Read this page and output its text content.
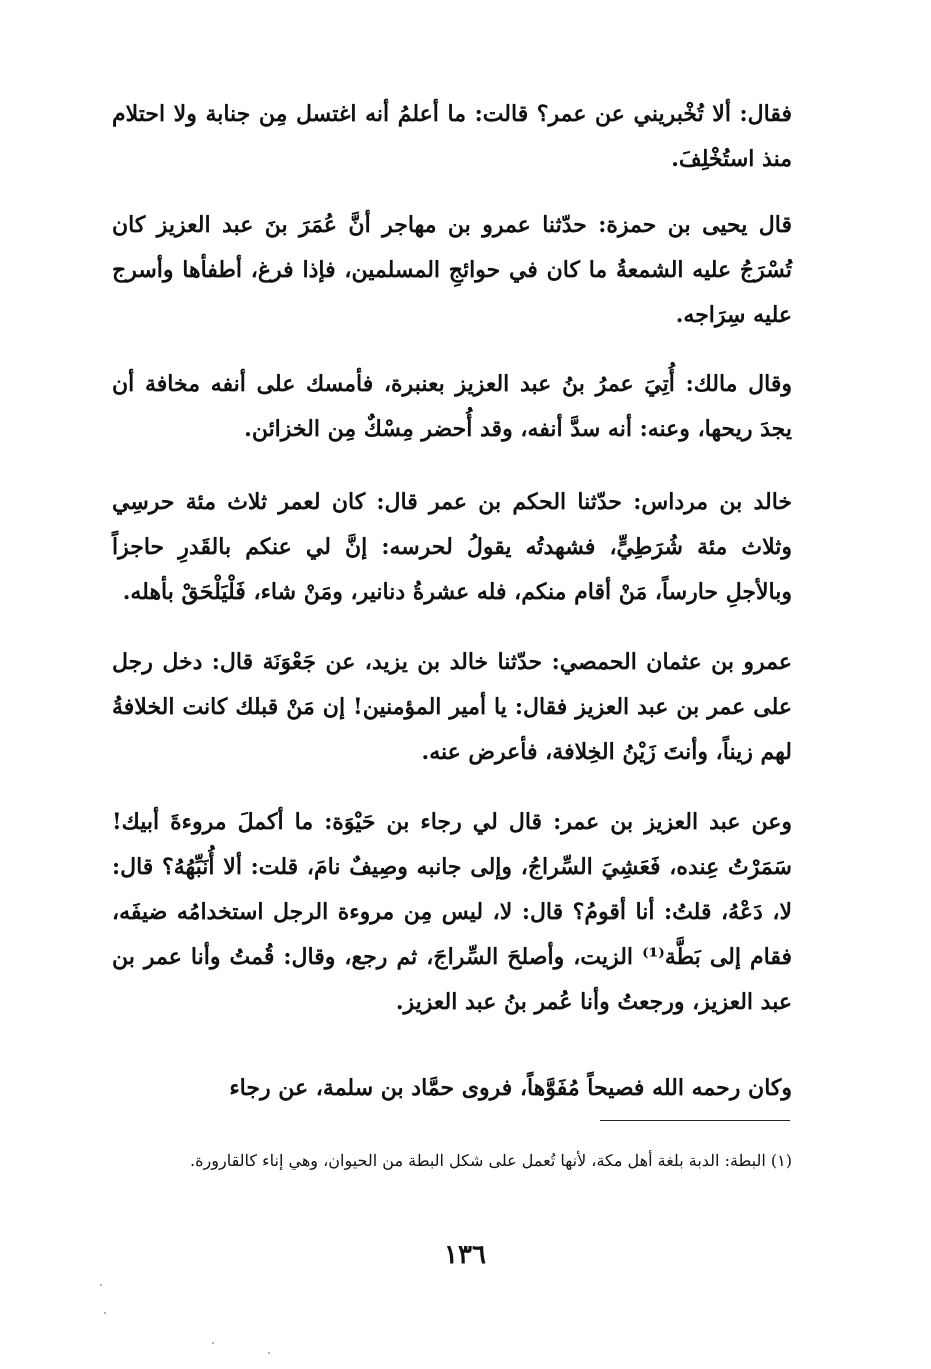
فقال: ألا تُخْبريني عن عمر؟ قالت: ما أعلمُ أنه اغتسل مِن جنابة ولا احتلام منذ استُخْلِفَ.

قال يحيى بن حمزة: حدّثنا عمرو بن مهاجر أنَّ عُمَرَ بنَ عبد العزيز كان تُسْرَجُ عليه الشمعةُ ما كان في حوائجِ المسلمين، فإذا فرغ، أطفأها وأسرج عليه سِرَاجه.

وقال مالك: أُتِيَ عمرُ بنُ عبد العزيز بعنبرة، فأمسك على أنفه مخافة أن يجدَ ريحها، وعنه: أنه سدَّ أنفه، وقد أُحضر مِسْكٌ مِن الخزائن.

خالد بن مرداس: حدّثنا الحكم بن عمر قال: كان لعمر ثلاث مئة حرسِي وثلاث مئة شُرَطِيٍّ، فشهدتُه يقولُ لحرسه: إنَّ لي عنكم بالقَدرِ حاجزاً وبالأجلِ حارساً، مَنْ أقام منكم، فله عشرةُ دنانير، ومَنْ شاء، فَلْيَلْحَقْ بأهله.

عمرو بن عثمان الحمصي: حدّثنا خالد بن يزيد، عن جَعْوَنَة قال: دخل رجل على عمر بن عبد العزيز فقال: يا أمير المؤمنين! إن مَنْ قبلك كانت الخلافةُ لهم زيناً، وأنتَ زَيْنُ الخِلافة، فأعرض عنه.

وعن عبد العزيز بن عمر: قال لي رجاء بن حَيْوَة: ما أكملَ مروءةَ أبيك! سَمَرْتُ عِنده، فَعَشِيَ السِّراجُ، وإلى جانبه وصِيفٌ نامَ، قلت: ألا أُنَبِّهُهُ؟ قال: لا، دَعْهُ، قلتُ: أنا أقومُ؟ قال: لا، ليس مِن مروءة الرجل استخدامُه ضيفَه، فقام إلى بَطَّة⁽¹⁾ الزيت، وأصلحَ السِّراجَ، ثم رجع، وقال: قُمتُ وأنا عمر بن عبد العزيز، ورجعتُ وأنا عُمر بنُ عبد العزيز.

وكان رحمه الله فصيحاً مُفَوَّهاً، فروى حمَّاد بن سلمة، عن رجاء

(١) البطة: الدبة بلغة أهل مكة، لأنها تُعمل على شكل البطة من الحيوان، وهي إناء كالقارورة.
١٣٦
